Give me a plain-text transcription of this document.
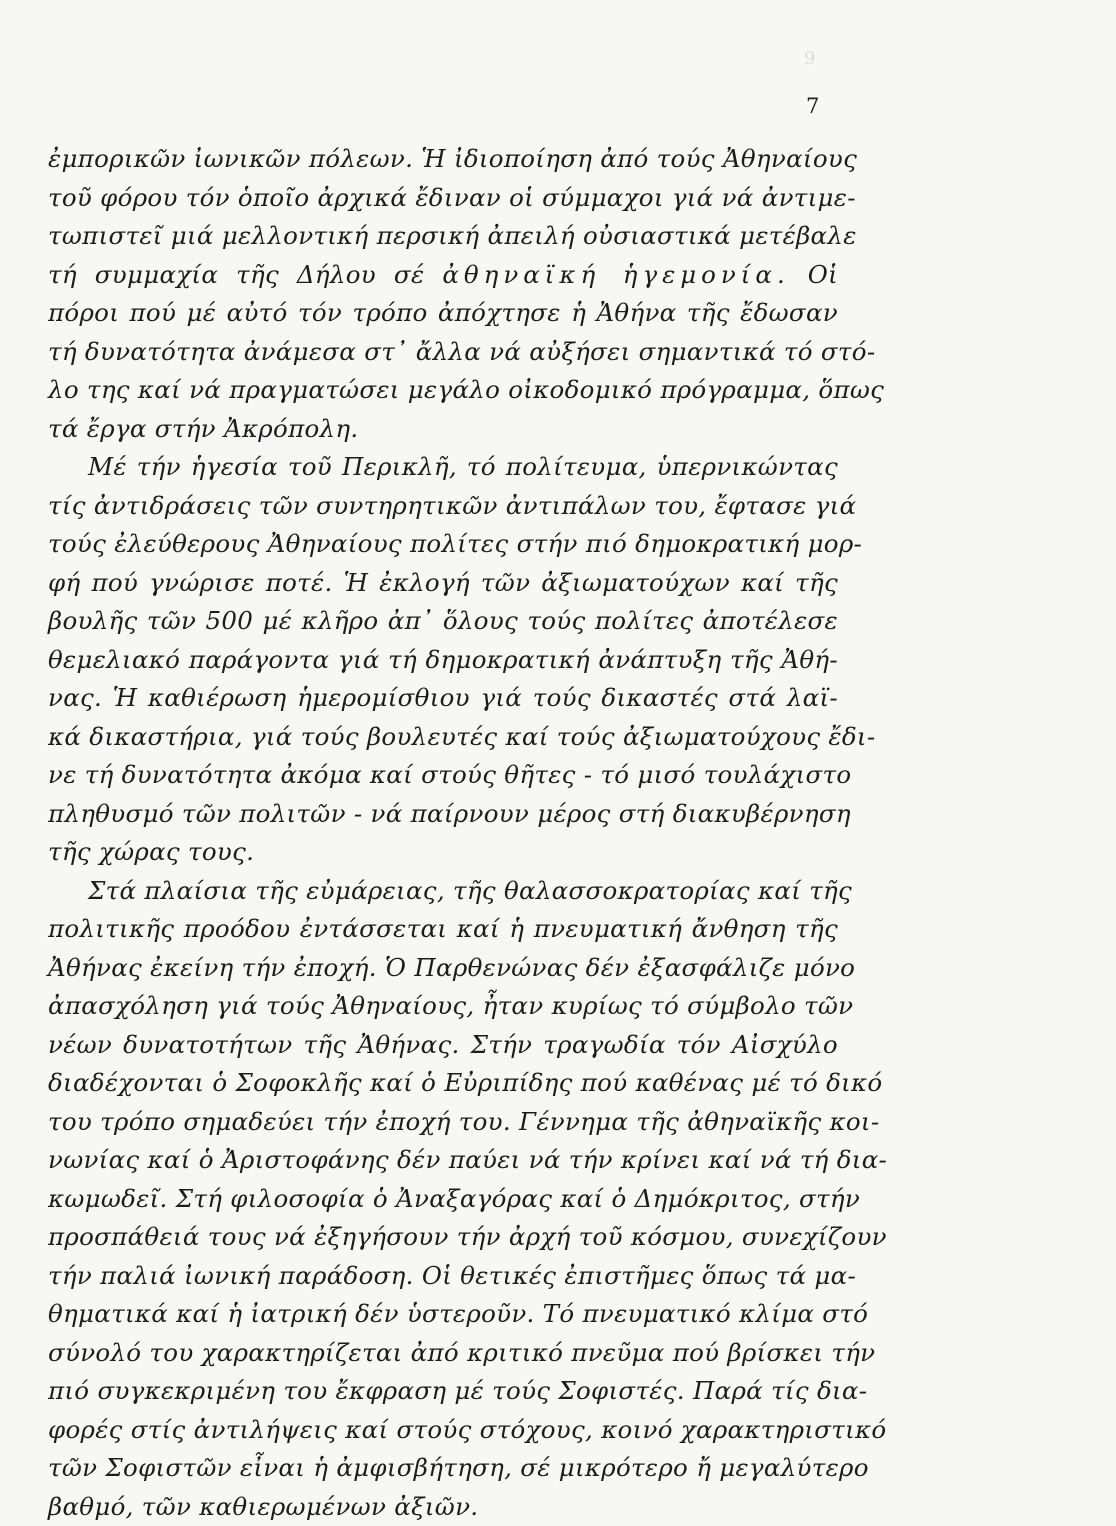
9
7
ἐμπορικῶν ἰωνικῶν πόλεων. Ἡ ἰδιοποίηση ἀπό τούς Ἀθηναίους
τοῦ φόρου τόν ὁποῖο ἀρχικά ἔδιναν οἱ σύμμαχοι γιά νά ἀντιμε-
τωπιστεῖ μιά μελλοντική περσική ἀπειλή οὐσιαστικά μετέβαλε
τή συμμαχία τῆς Δήλου σέ ἀθηναϊκή ἡγεμονία. Οἱ
πόροι πού μέ αὐτό τόν τρόπο ἀπόχτησε ἡ Ἀθήνα τῆς ἔδωσαν
τή δυνατότητα ἀνάμεσα στ᾽ ἄλλα νά αὐξήσει σημαντικά τό στό-
λο της καί νά πραγματώσει μεγάλο οἰκοδομικό πρόγραμμα, ὅπως
τά ἔργα στήν Ἀκρόπολη.
Μέ τήν ἡγεσία τοῦ Περικλῆ, τό πολίτευμα, ὑπερνικώντας
τίς ἀντιδράσεις τῶν συντηρητικῶν ἀντιπάλων του, ἔφτασε γιά
τούς ἐλεύθερους Ἀθηναίους πολίτες στήν πιό δημοκρατική μορ-
φή πού γνώρισε ποτέ. Ἡ ἐκλογή τῶν ἀξιωματούχων καί τῆς
βουλῆς τῶν 500 μέ κλῆρο ἀπ᾽ ὅλους τούς πολίτες ἀποτέλεσε
θεμελιακό παράγοντα γιά τή δημοκρατική ἀνάπτυξη τῆς Ἀθή-
νας. Ἡ καθιέρωση ἡμερομίσθιου γιά τούς δικαστές στά λαϊ-
κά δικαστήρια, γιά τούς βουλευτές καί τούς ἀξιωματούχους ἔδι-
νε τή δυνατότητα ἀκόμα καί στούς θῆτες - τό μισό τουλάχιστο
πληθυσμό τῶν πολιτῶν - νά παίρνουν μέρος στή διακυβέρνηση
τῆς χώρας τους.
Στά πλαίσια τῆς εὐμάρειας, τῆς θαλασσοκρατορίας καί τῆς
πολιτικῆς προόδου ἐντάσσεται καί ἡ πνευματική ἄνθηση τῆς
Ἀθήνας ἐκείνη τήν ἐποχή. Ὁ Παρθενώνας δέν ἐξασφάλιζε μόνο
ἀπασχόληση γιά τούς Ἀθηναίους, ἦταν κυρίως τό σύμβολο τῶν
νέων δυνατοτήτων τῆς Ἀθήνας. Στήν τραγωδία τόν Αἰσχύλο
διαδέχονται ὁ Σοφοκλῆς καί ὁ Εὐριπίδης πού καθένας μέ τό δικό
του τρόπο σημαδεύει τήν ἐποχή του. Γέννημα τῆς ἀθηναϊκῆς κοι-
νωνίας καί ὁ Ἀριστοφάνης δέν παύει νά τήν κρίνει καί νά τή δια-
κωμωδεῖ. Στή φιλοσοφία ὁ Ἀναξαγόρας καί ὁ Δημόκριτος, στήν
προσπάθειά τους νά ἐξηγήσουν τήν ἀρχή τοῦ κόσμου, συνεχίζουν
τήν παλιά ἰωνική παράδοση. Οἱ θετικές ἐπιστῆμες ὅπως τά μα-
θηματικά καί ἡ ἰατρική δέν ὑστεροῦν. Τό πνευματικό κλίμα στό
σύνολό του χαρακτηρίζεται ἀπό κριτικό πνεῦμα πού βρίσκει τήν
πιό συγκεκριμένη του ἔκφραση μέ τούς Σοφιστές. Παρά τίς δια-
φορές στίς ἀντιλήψεις καί στούς στόχους, κοινό χαρακτηριστικό
τῶν Σοφιστῶν εἶναι ἡ ἀμφισβήτηση, σέ μικρότερο ἤ μεγαλύτερο
βαθμό, τῶν καθιερωμένων ἀξιῶν.
